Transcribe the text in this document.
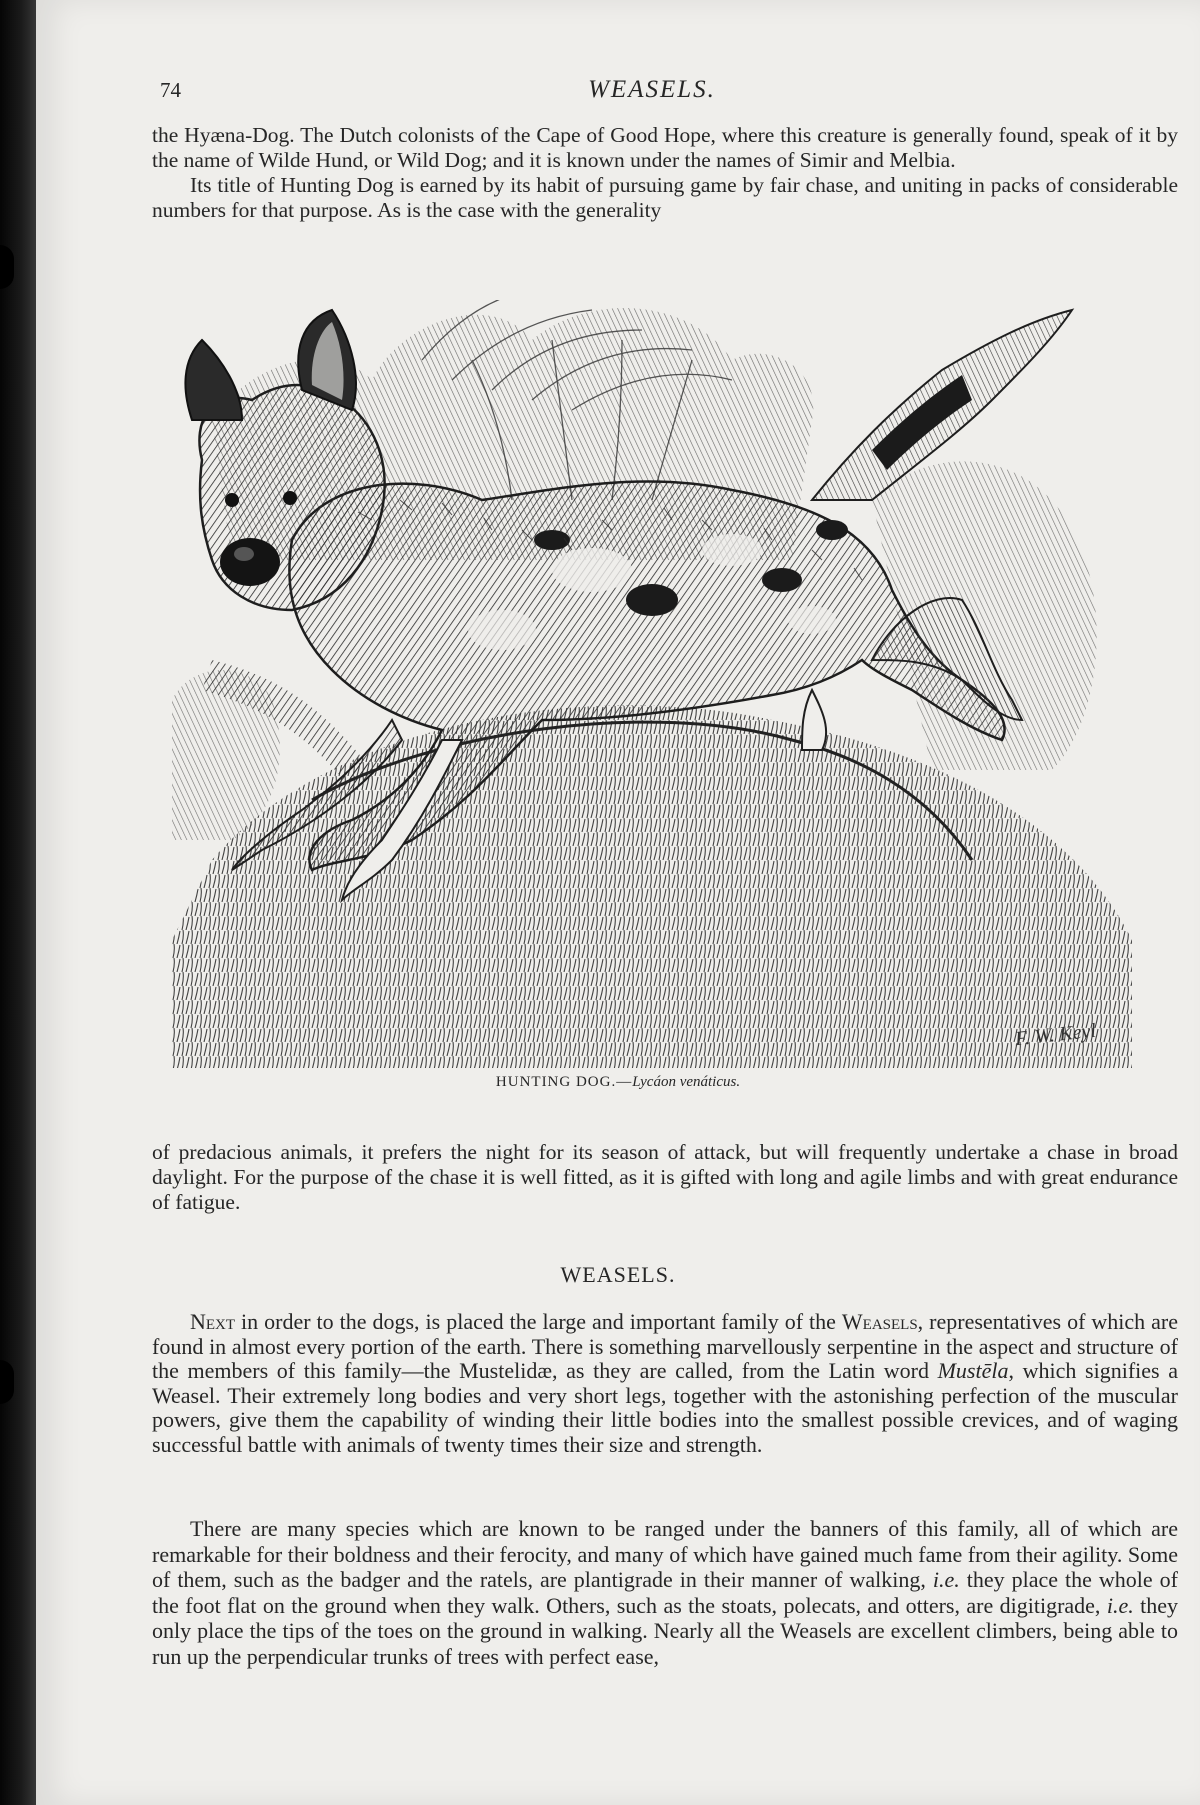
74	WEASELS.

the Hyæna-Dog. The Dutch colonists of the Cape of Good Hope, where this creature is generally found, speak of it by the name of Wilde Hund, or Wild Dog; and it is known under the names of Simir and Melbia.

Its title of Hunting Dog is earned by its habit of pursuing game by fair chase, and uniting in packs of considerable numbers for that purpose. As is the case with the generality

F. W. Keyl
HUNTING DOG.—Lycáon venáticus.

of predacious animals, it prefers the night for its season of attack, but will frequently undertake a chase in broad daylight. For the purpose of the chase it is well fitted, as it is gifted with long and agile limbs and with great endurance of fatigue.

WEASELS.

Next in order to the dogs, is placed the large and important family of the Weasels, representatives of which are found in almost every portion of the earth. There is something marvellously serpentine in the aspect and structure of the members of this family—the Mustelidæ, as they are called, from the Latin word Mustēla, which signifies a Weasel. Their extremely long bodies and very short legs, together with the astonishing perfection of the muscular powers, give them the capability of winding their little bodies into the smallest possible crevices, and of waging successful battle with animals of twenty times their size and strength.

There are many species which are known to be ranged under the banners of this family, all of which are remarkable for their boldness and their ferocity, and many of which have gained much fame from their agility. Some of them, such as the badger and the ratels, are plantigrade in their manner of walking, i.e. they place the whole of the foot flat on the ground when they walk. Others, such as the stoats, polecats, and otters, are digitigrade, i.e. they only place the tips of the toes on the ground in walking. Nearly all the Weasels are excellent climbers, being able to run up the perpendicular trunks of trees with perfect ease,
